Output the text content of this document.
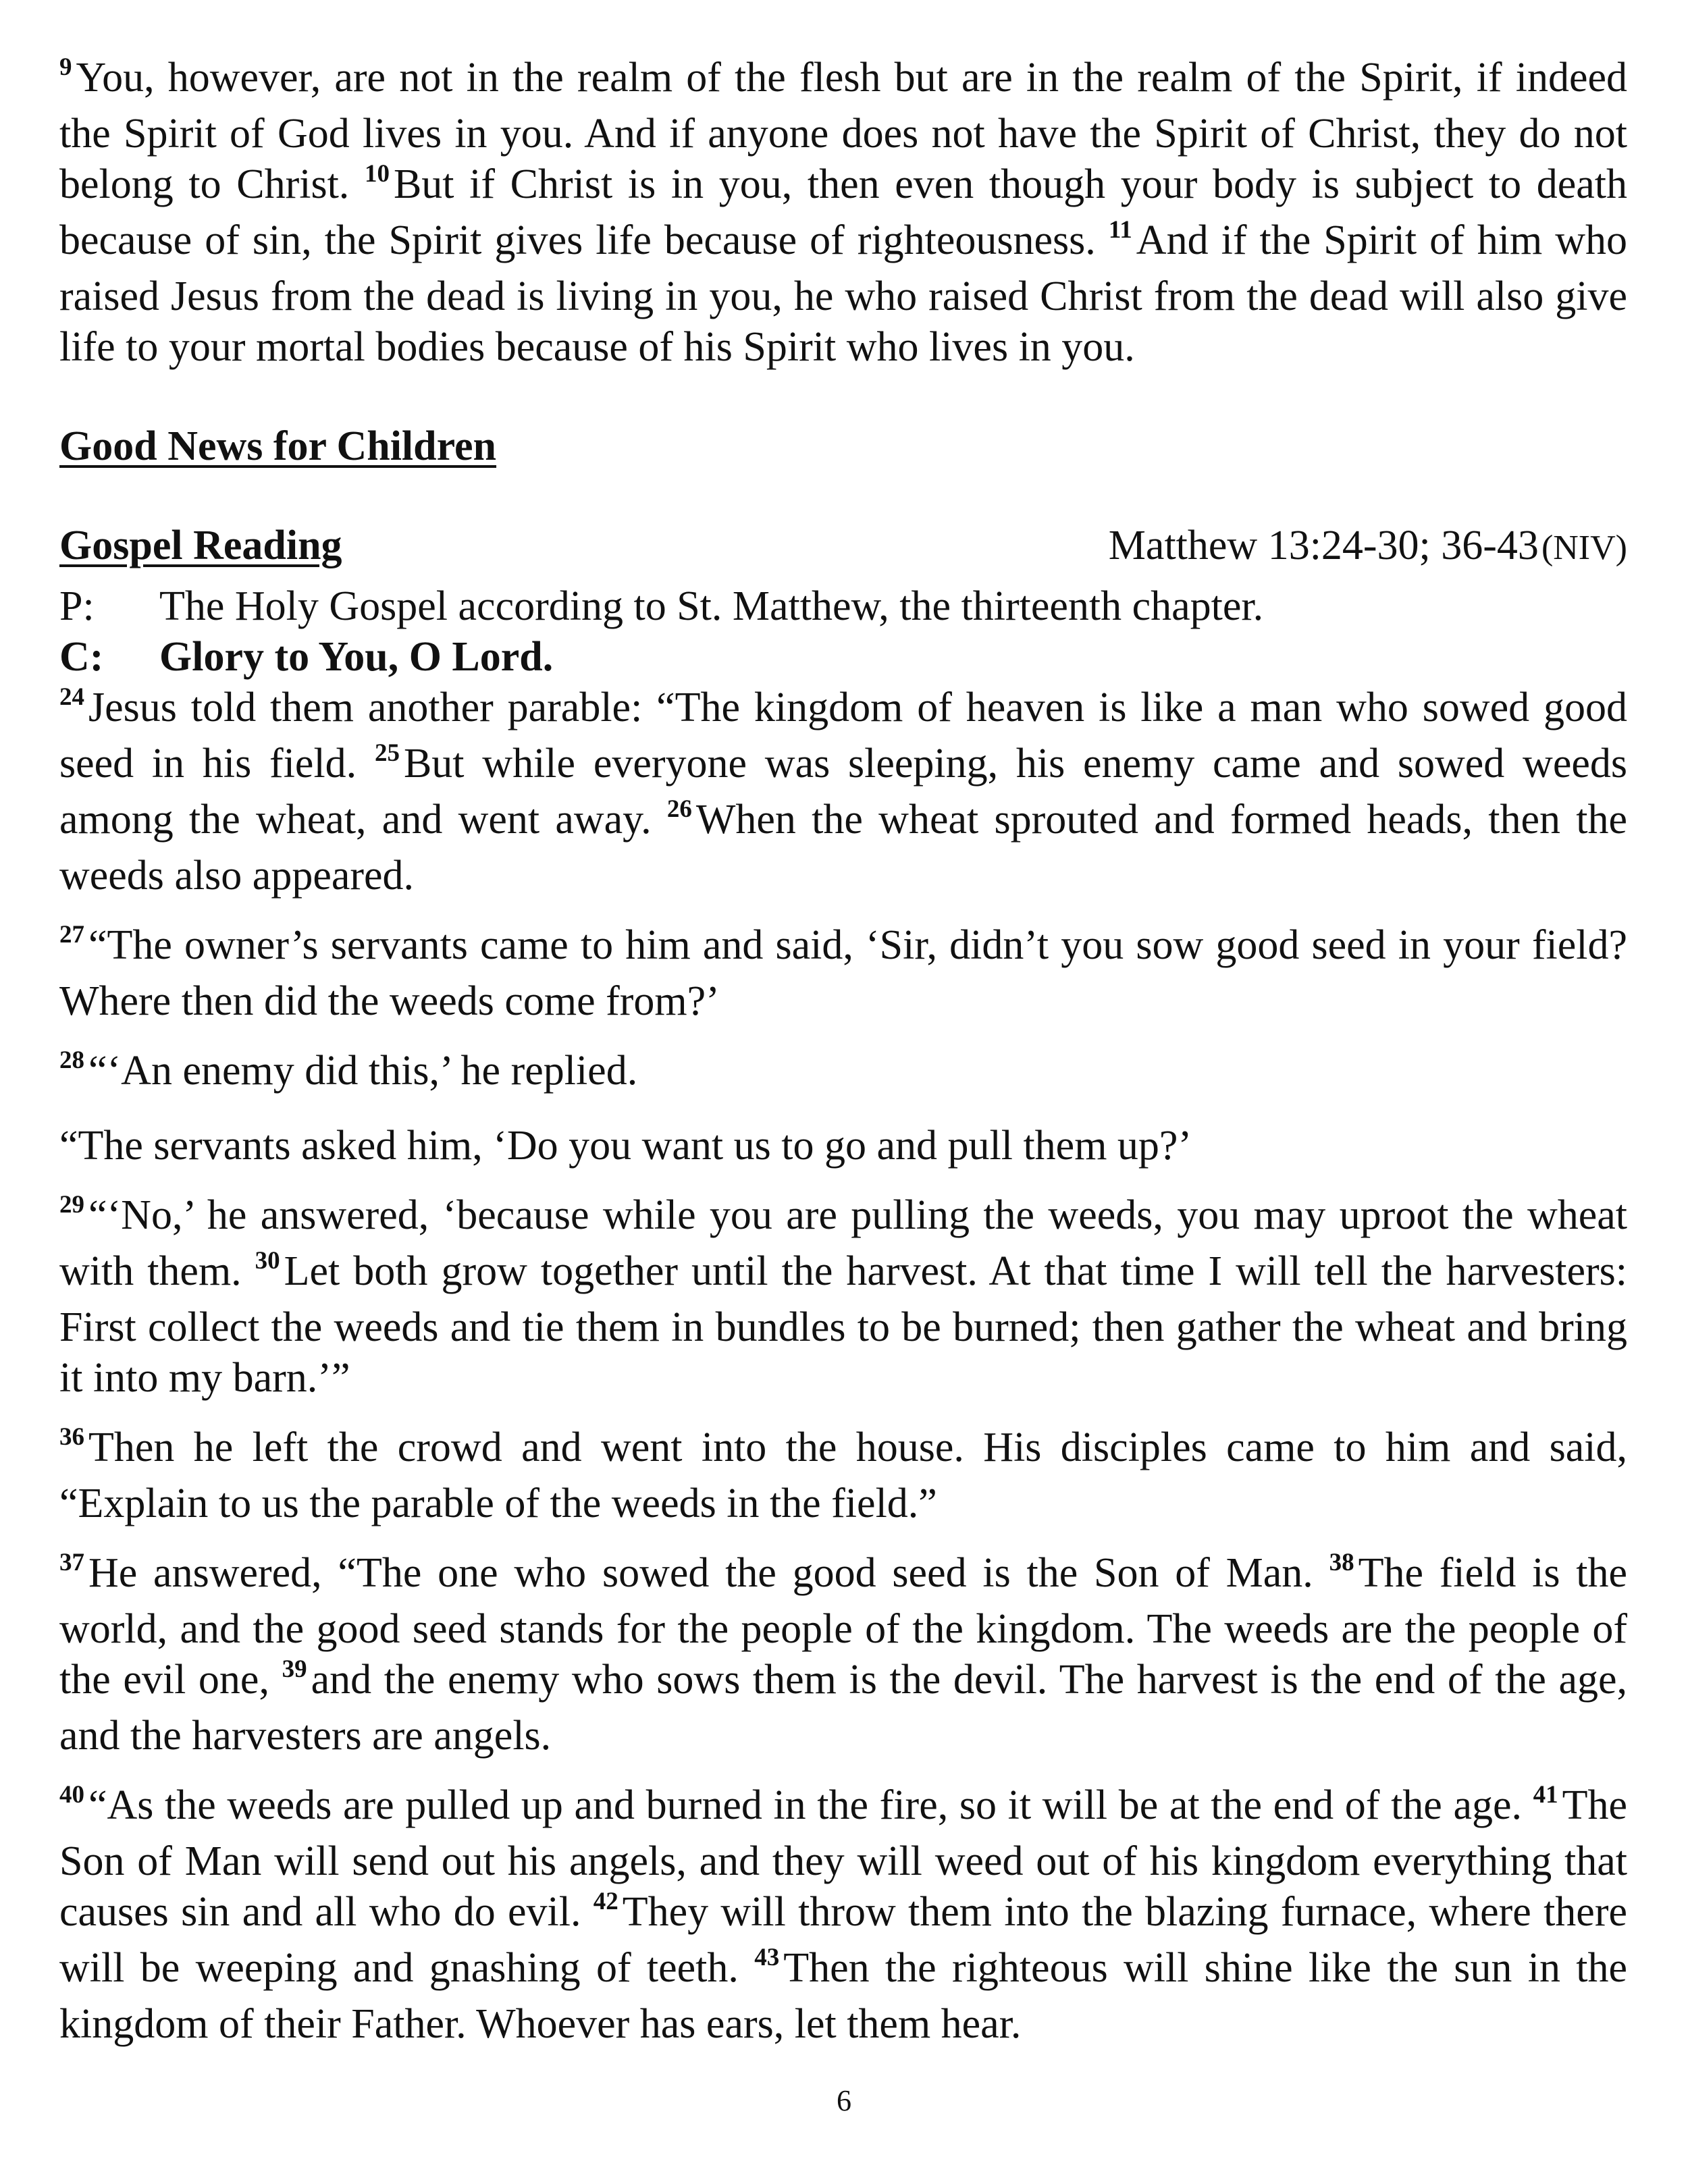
$^9$You, however, are not in the realm of the flesh but are in the realm of the Spirit, if indeed the Spirit of God lives in you. And if anyone does not have the Spirit of Christ, they do not belong to Christ. $^{10}$But if Christ is in you, then even though your body is subject to death because of sin, the Spirit gives life because of righteousness. $^{11}$And if the Spirit of him who raised Jesus from the dead is living in you, he who raised Christ from the dead will also give life to your mortal bodies because of his Spirit who lives in you.

Good News for Children
Gospel Reading	Matthew 13:24-30; 36-43 (NIV)
P:	The Holy Gospel according to St. Matthew, the thirteenth chapter.
C:	Glory to You, O Lord.

$^{24}$Jesus told them another parable: “The kingdom of heaven is like a man who sowed good seed in his field. $^{25}$But while everyone was sleeping, his enemy came and sowed weeds among the wheat, and went away. $^{26}$When the wheat sprouted and formed heads, then the weeds also appeared.

$^{27}$“The owner’s servants came to him and said, ‘Sir, didn’t you sow good seed in your field? Where then did the weeds come from?’

$^{28}$“‘An enemy did this,’ he replied.

“The servants asked him, ‘Do you want us to go and pull them up?’

$^{29}$“‘No,’ he answered, ‘because while you are pulling the weeds, you may uproot the wheat with them. $^{30}$Let both grow together until the harvest. At that time I will tell the harvesters: First collect the weeds and tie them in bundles to be burned; then gather the wheat and bring it into my barn.’”

$^{36}$Then he left the crowd and went into the house. His disciples came to him and said, “Explain to us the parable of the weeds in the field.”

$^{37}$He answered, “The one who sowed the good seed is the Son of Man. $^{38}$The field is the world, and the good seed stands for the people of the kingdom. The weeds are the people of the evil one, $^{39}$and the enemy who sows them is the devil. The harvest is the end of the age, and the harvesters are angels.

$^{40}$“As the weeds are pulled up and burned in the fire, so it will be at the end of the age. $^{41}$The Son of Man will send out his angels, and they will weed out of his kingdom everything that causes sin and all who do evil. $^{42}$They will throw them into the blazing furnace, where there will be weeping and gnashing of teeth. $^{43}$Then the righteous will shine like the sun in the kingdom of their Father. Whoever has ears, let them hear.

6
